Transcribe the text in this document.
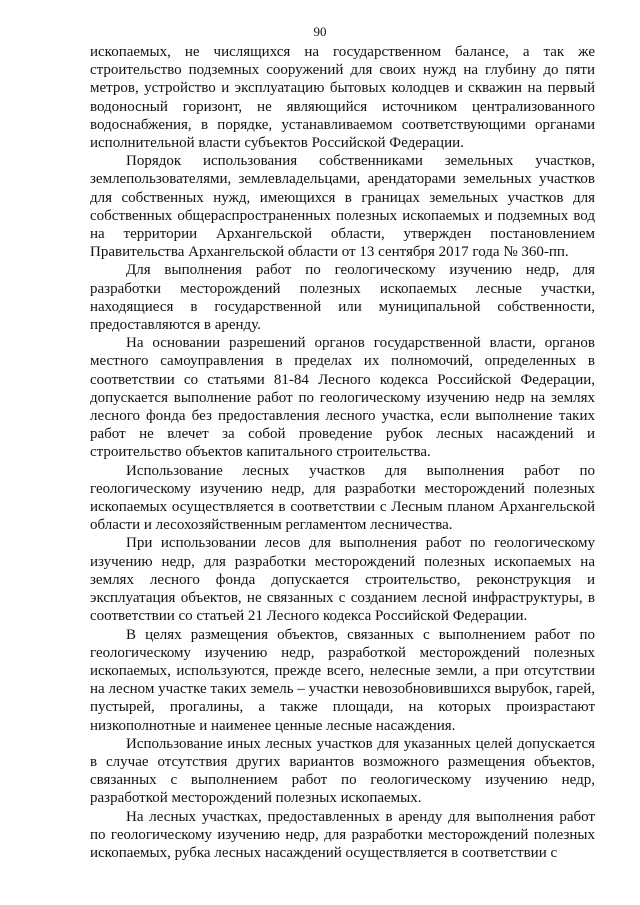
90

ископаемых, не числящихся на государственном балансе, а так же строительство подземных сооружений для своих нужд на глубину до пяти метров, устройство и эксплуатацию бытовых колодцев и скважин на первый водоносный горизонт, не являющийся источником централизованного водоснабжения, в порядке, устанавливаемом соответствующими органами исполнительной власти субъектов Российской Федерации.

Порядок использования собственниками земельных участков, землепользователями, землевладельцами, арендаторами земельных участков для собственных нужд, имеющихся в границах земельных участков для собственных общераспространенных полезных ископаемых и подземных вод на территории Архангельской области, утвержден постановлением Правительства Архангельской области от 13 сентября 2017 года № 360-пп.

Для выполнения работ по геологическому изучению недр, для разработки месторождений полезных ископаемых лесные участки, находящиеся в государственной или муниципальной собственности, предоставляются в аренду.

На основании разрешений органов государственной власти, органов местного самоуправления в пределах их полномочий, определенных в соответствии со статьями 81-84 Лесного кодекса Российской Федерации, допускается выполнение работ по геологическому изучению недр на землях лесного фонда без предоставления лесного участка, если выполнение таких работ не влечет за собой проведение рубок лесных насаждений и строительство объектов капитального строительства.

Использование лесных участков для выполнения работ по геологическому изучению недр, для разработки месторождений полезных ископаемых осуществляется в соответствии с Лесным планом Архангельской области и лесохозяйственным регламентом лесничества.

При использовании лесов для выполнения работ по геологическому изучению недр, для разработки месторождений полезных ископаемых на землях лесного фонда допускается строительство, реконструкция и эксплуатация объектов, не связанных с созданием лесной инфраструктуры, в соответствии со статьей 21 Лесного кодекса Российской Федерации.

В целях размещения объектов, связанных с выполнением работ по геологическому изучению недр, разработкой месторождений полезных ископаемых, используются, прежде всего, нелесные земли, а при отсутствии на лесном участке таких земель – участки невозобновившихся вырубок, гарей, пустырей, прогалины, а также площади, на которых произрастают низкополнотные и наименее ценные лесные насаждения.

Использование иных лесных участков для указанных целей допускается в случае отсутствия других вариантов возможного размещения объектов, связанных с выполнением работ по геологическому изучению недр, разработкой месторождений полезных ископаемых.

На лесных участках, предоставленных в аренду для выполнения работ по геологическому изучению недр, для разработки месторождений полезных ископаемых, рубка лесных насаждений осуществляется в соответствии с
